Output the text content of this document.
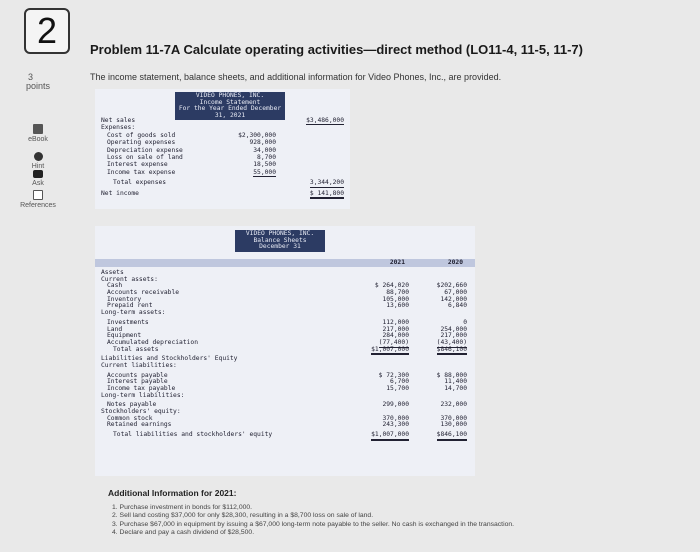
2
3
points
eBook
Hint
Ask
References
Problem 11-7A Calculate operating activities—direct method (LO11-4, 11-5, 11-7)
The income statement, balance sheets, and additional information for Video Phones, Inc., are provided.
VIDEO PHONES, INC.
Income Statement
For the Year Ended December 31, 2021
Net sales	$3,486,000
Expenses:
Cost of goods sold	$2,300,000
Operating expenses	928,000
Depreciation expense	34,000
Loss on sale of land	8,700
Interest expense	18,500
Income tax expense	55,000
Total expenses	3,344,200
Net income	$ 141,800
VIDEO PHONES, INC.
Balance Sheets
December 31
2021	2020
Assets
Current assets:
Cash	$ 264,020	$202,660
Accounts receivable	88,700	67,000
Inventory	105,000	142,000
Prepaid rent	13,600	6,840
Long-term assets:
Investments	112,000	0
Land	217,000	254,000
Equipment	284,000	217,000
Accumulated depreciation	(77,400)	(43,400)
Total assets	$1,007,000	$846,100
Liabilities and Stockholders' Equity
Current liabilities:
Accounts payable	$ 72,300	$ 88,000
Interest payable	6,700	11,400
Income tax payable	15,700	14,700
Long-term liabilities:
Notes payable	299,000	232,000
Stockholders' equity:
Common stock	370,000	370,000
Retained earnings	243,300	130,000
Total liabilities and stockholders' equity	$1,007,000	$846,100
Additional Information for 2021:
1. Purchase investment in bonds for $112,000.
2. Sell land costing $37,000 for only $28,300, resulting in a $8,700 loss on sale of land.
3. Purchase $67,000 in equipment by issuing a $67,000 long-term note payable to the seller. No cash is exchanged in the transaction.
4. Declare and pay a cash dividend of $28,500.
